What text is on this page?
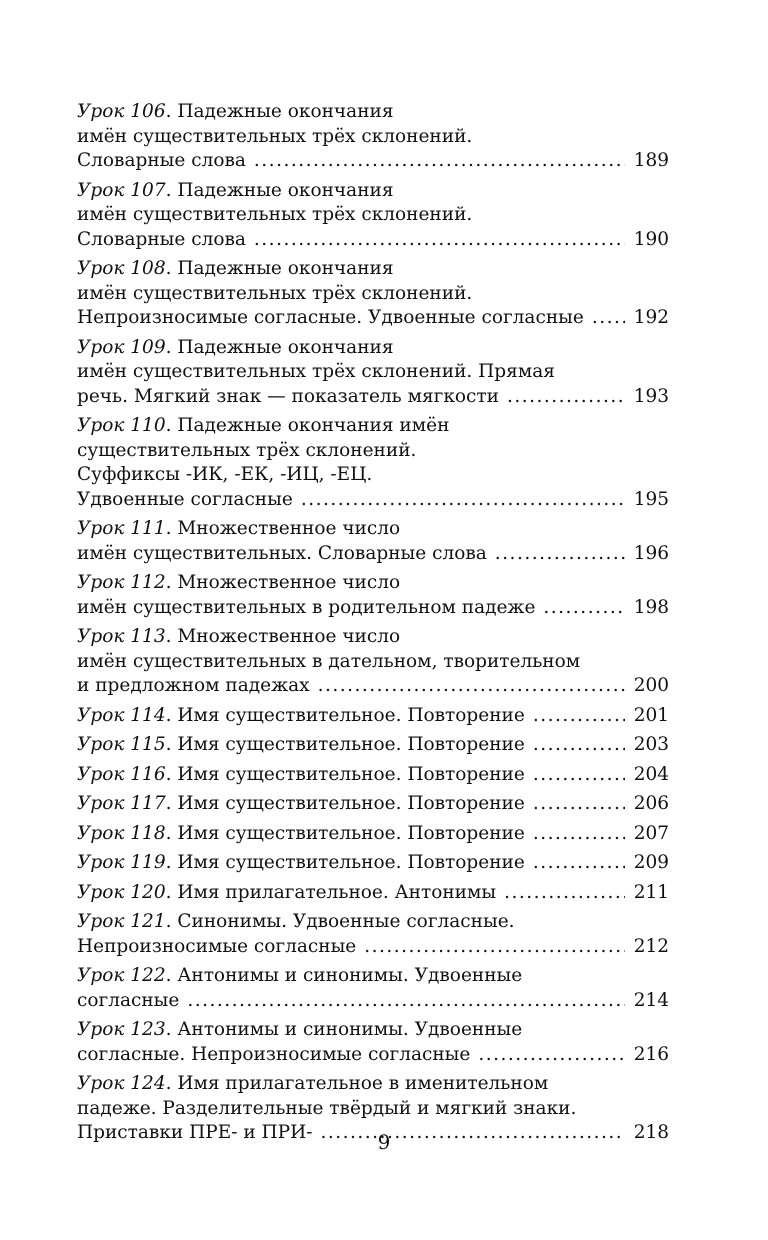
Урок 106. Падежные окончания
имён существительных трёх склонений.
Словарные слова .....	189
Урок 107. Падежные окончания
имён существительных трёх склонений.
Словарные слова .....	190
Урок 108. Падежные окончания
имён существительных трёх склонений.
Непроизносимые согласные. Удвоенные согласные .....	192
Урок 109. Падежные окончания
имён существительных трёх склонений. Прямая
речь. Мягкий знак — показатель мягкости .....	193
Урок 110. Падежные окончания имён
существительных трёх склонений.
Суффиксы -ИК, -ЕК, -ИЦ, -ЕЦ.
Удвоенные согласные .....	195
Урок 111. Множественное число
имён существительных. Словарные слова .....	196
Урок 112. Множественное число
имён существительных в родительном падеже .....	198
Урок 113. Множественное число
имён существительных в дательном, творительном
и предложном падежах .....	200
Урок 114. Имя существительное. Повторение .....	201
Урок 115. Имя существительное. Повторение .....	203
Урок 116. Имя существительное. Повторение .....	204
Урок 117. Имя существительное. Повторение .....	206
Урок 118. Имя существительное. Повторение .....	207
Урок 119. Имя существительное. Повторение .....	209
Урок 120. Имя прилагательное. Антонимы .....	211
Урок 121. Синонимы. Удвоенные согласные.
Непроизносимые согласные .....	212
Урок 122. Антонимы и синонимы. Удвоенные
согласные .....	214
Урок 123. Антонимы и синонимы. Удвоенные
согласные. Непроизносимые согласные .....	216
Урок 124. Имя прилагательное в именительном
падеже. Разделительные твёрдый и мягкий знаки.
Приставки ПРЕ- и ПРИ- .....	218
9
